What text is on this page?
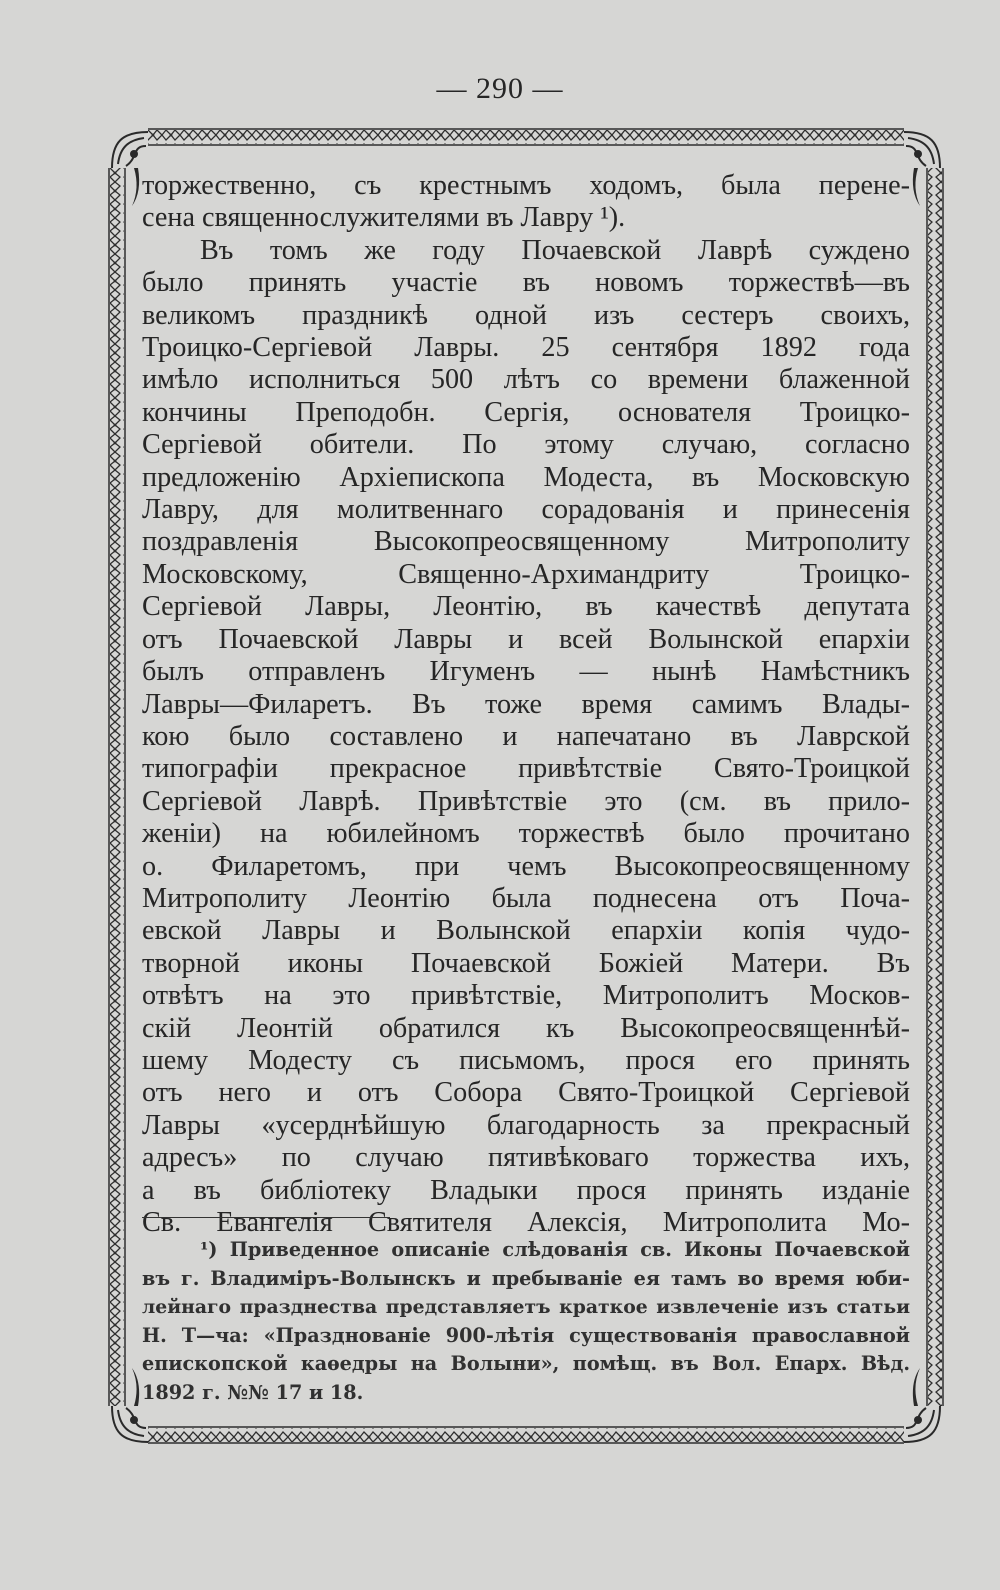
— 290 —
торжественно, съ крестнымъ ходомъ, была перене-
сена священнослужителями въ Лавру ¹).
Въ томъ же году Почаевской Лаврѣ суждено
было принять участіе въ новомъ торжествѣ—въ
великомъ праздникѣ одной изъ сестеръ своихъ,
Троицко-Сергіевой Лавры. 25 сентября 1892 года
имѣло исполниться 500 лѣтъ со времени блаженной
кончины Преподобн. Сергія, основателя Троицко-
Сергіевой обители. По этому случаю, согласно
предложенію Архіепископа Модеста, въ Московскую
Лавру, для молитвеннаго сорадованія и принесенія
поздравленія Высокопреосвященному Митрополиту
Московскому, Священно-Архимандриту Троицко-
Сергіевой Лавры, Леонтію, въ качествѣ депутата
отъ Почаевской Лавры и всей Волынской епархіи
былъ отправленъ Игуменъ — нынѣ Намѣстникъ
Лавры—Филаретъ. Въ тоже время самимъ Влады-
кою было составлено и напечатано въ Лаврской
типографіи прекрасное привѣтствіе Свято-Троицкой
Сергіевой Лаврѣ. Привѣтствіе это (см. въ прило-
женіи) на юбилейномъ торжествѣ было прочитано
о. Филаретомъ, при чемъ Высокопреосвященному
Митрополиту Леонтію была поднесена отъ Поча-
евской Лавры и Волынской епархіи копія чудо-
творной иконы Почаевской Божіей Матери. Въ
отвѣтъ на это привѣтствіе, Митрополитъ Москов-
скій Леонтій обратился къ Высокопреосвященнѣй-
шему Модесту съ письмомъ, прося его принять
отъ него и отъ Собора Свято-Троицкой Сергіевой
Лавры «усерднѣйшую благодарность за прекрасный
адресъ» по случаю пятивѣковаго торжества ихъ,
а въ библіотеку Владыки прося принять изданіе
Св. Евангелія Святителя Алексія, Митрополита Мо-
¹) Приведенное описаніе слѣдованія св. Иконы Почаевской
въ г. Владиміръ-Волынскъ и пребываніе ея тамъ во время юби-
лейнаго празднества представляетъ краткое извлеченіе изъ статьи
Н. Т—ча: «Празднованіе 900-лѣтія существованія православной
епископской каѳедры на Волыни», помѣщ. въ Вол. Епарх. Вѣд.
1892 г. №№ 17 и 18.
